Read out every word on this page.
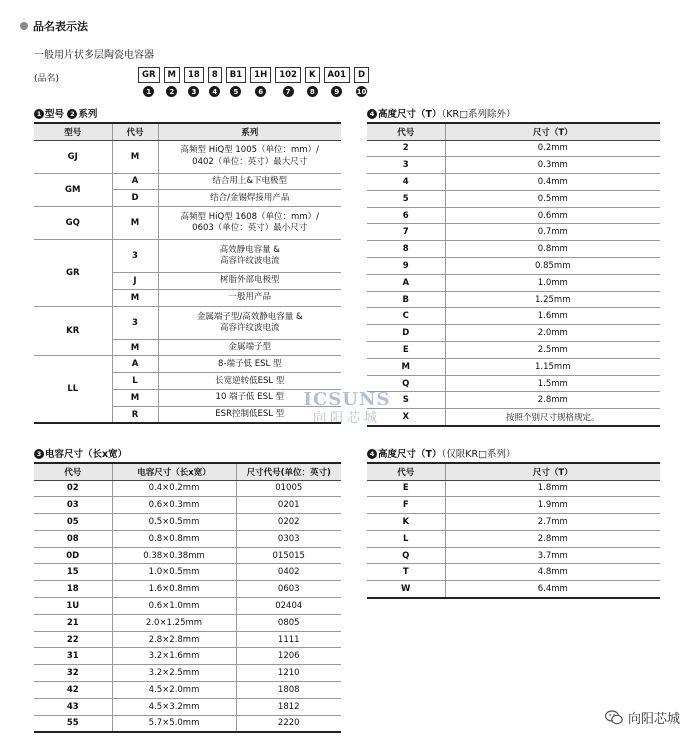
品名表示法
一般用片状多层陶瓷电容器
(品名)	GR
1
M
2
18
3
8
4
B1
5
1H
6
102
7
K
8
A01
9
D
10
1 型号 2 系列
型号	代号	系列
GJ	M	高频型 HiQ型 1005（单位：mm）/
0402（单位：英寸）最大尺寸

GM	A	结合用上&下电极型

	D	结合/金锡焊接用产品

GQ	M	高频型 HiQ型 1608（单位：mm）/
0603（单位：英寸）最小尺寸

GR	3	高效静电容量 &
高容许纹波电流

	J	树脂外部电极型

	M	一般用产品

KR	3	金属端子型/高效静电容量 &
高容许纹波电流

	M	金属端子型

LL	A	8-端子低 ESL 型

	L	长宽逆转低ESL 型

	M	10 端子低 ESL 型

	R	ESR控制低ESL 型
4 高度尺寸（T）（KR□系列除外）
代号	尺寸（T）
2	0.2mm
3	0.3mm
4	0.4mm
5	0.5mm
6	0.6mm
7	0.7mm
8	0.8mm
9	0.85mm
A	1.0mm
B	1.25mm
C	1.6mm
D	2.0mm
E	2.5mm
M	1.15mm
Q	1.5mm
S	2.8mm
X	按照个别尺寸规格规定。
3 电容尺寸（长x宽）
代号	电容尺寸（长x宽）	尺寸代号(单位：英寸)
02	0.4×0.2mm	01005
03	0.6×0.3mm	0201
05	0.5×0.5mm	0202
08	0.8×0.8mm	0303
0D	0.38×0.38mm	015015
15	1.0×0.5mm	0402
18	1.6×0.8mm	0603
1U	0.6×1.0mm	02404
21	2.0×1.25mm	0805
22	2.8×2.8mm	1111
31	3.2×1.6mm	1206
32	3.2×2.5mm	1210
42	4.5×2.0mm	1808
43	4.5×3.2mm	1812
55	5.7×5.0mm	2220
4 高度尺寸（T）（仅限KR□系列）
代号	尺寸（T）
E	1.8mm
F	1.9mm
K	2.7mm
L	2.8mm
Q	3.7mm
T	4.8mm
W	6.4mm
ICSUNS
向阳芯城
向阳芯城
